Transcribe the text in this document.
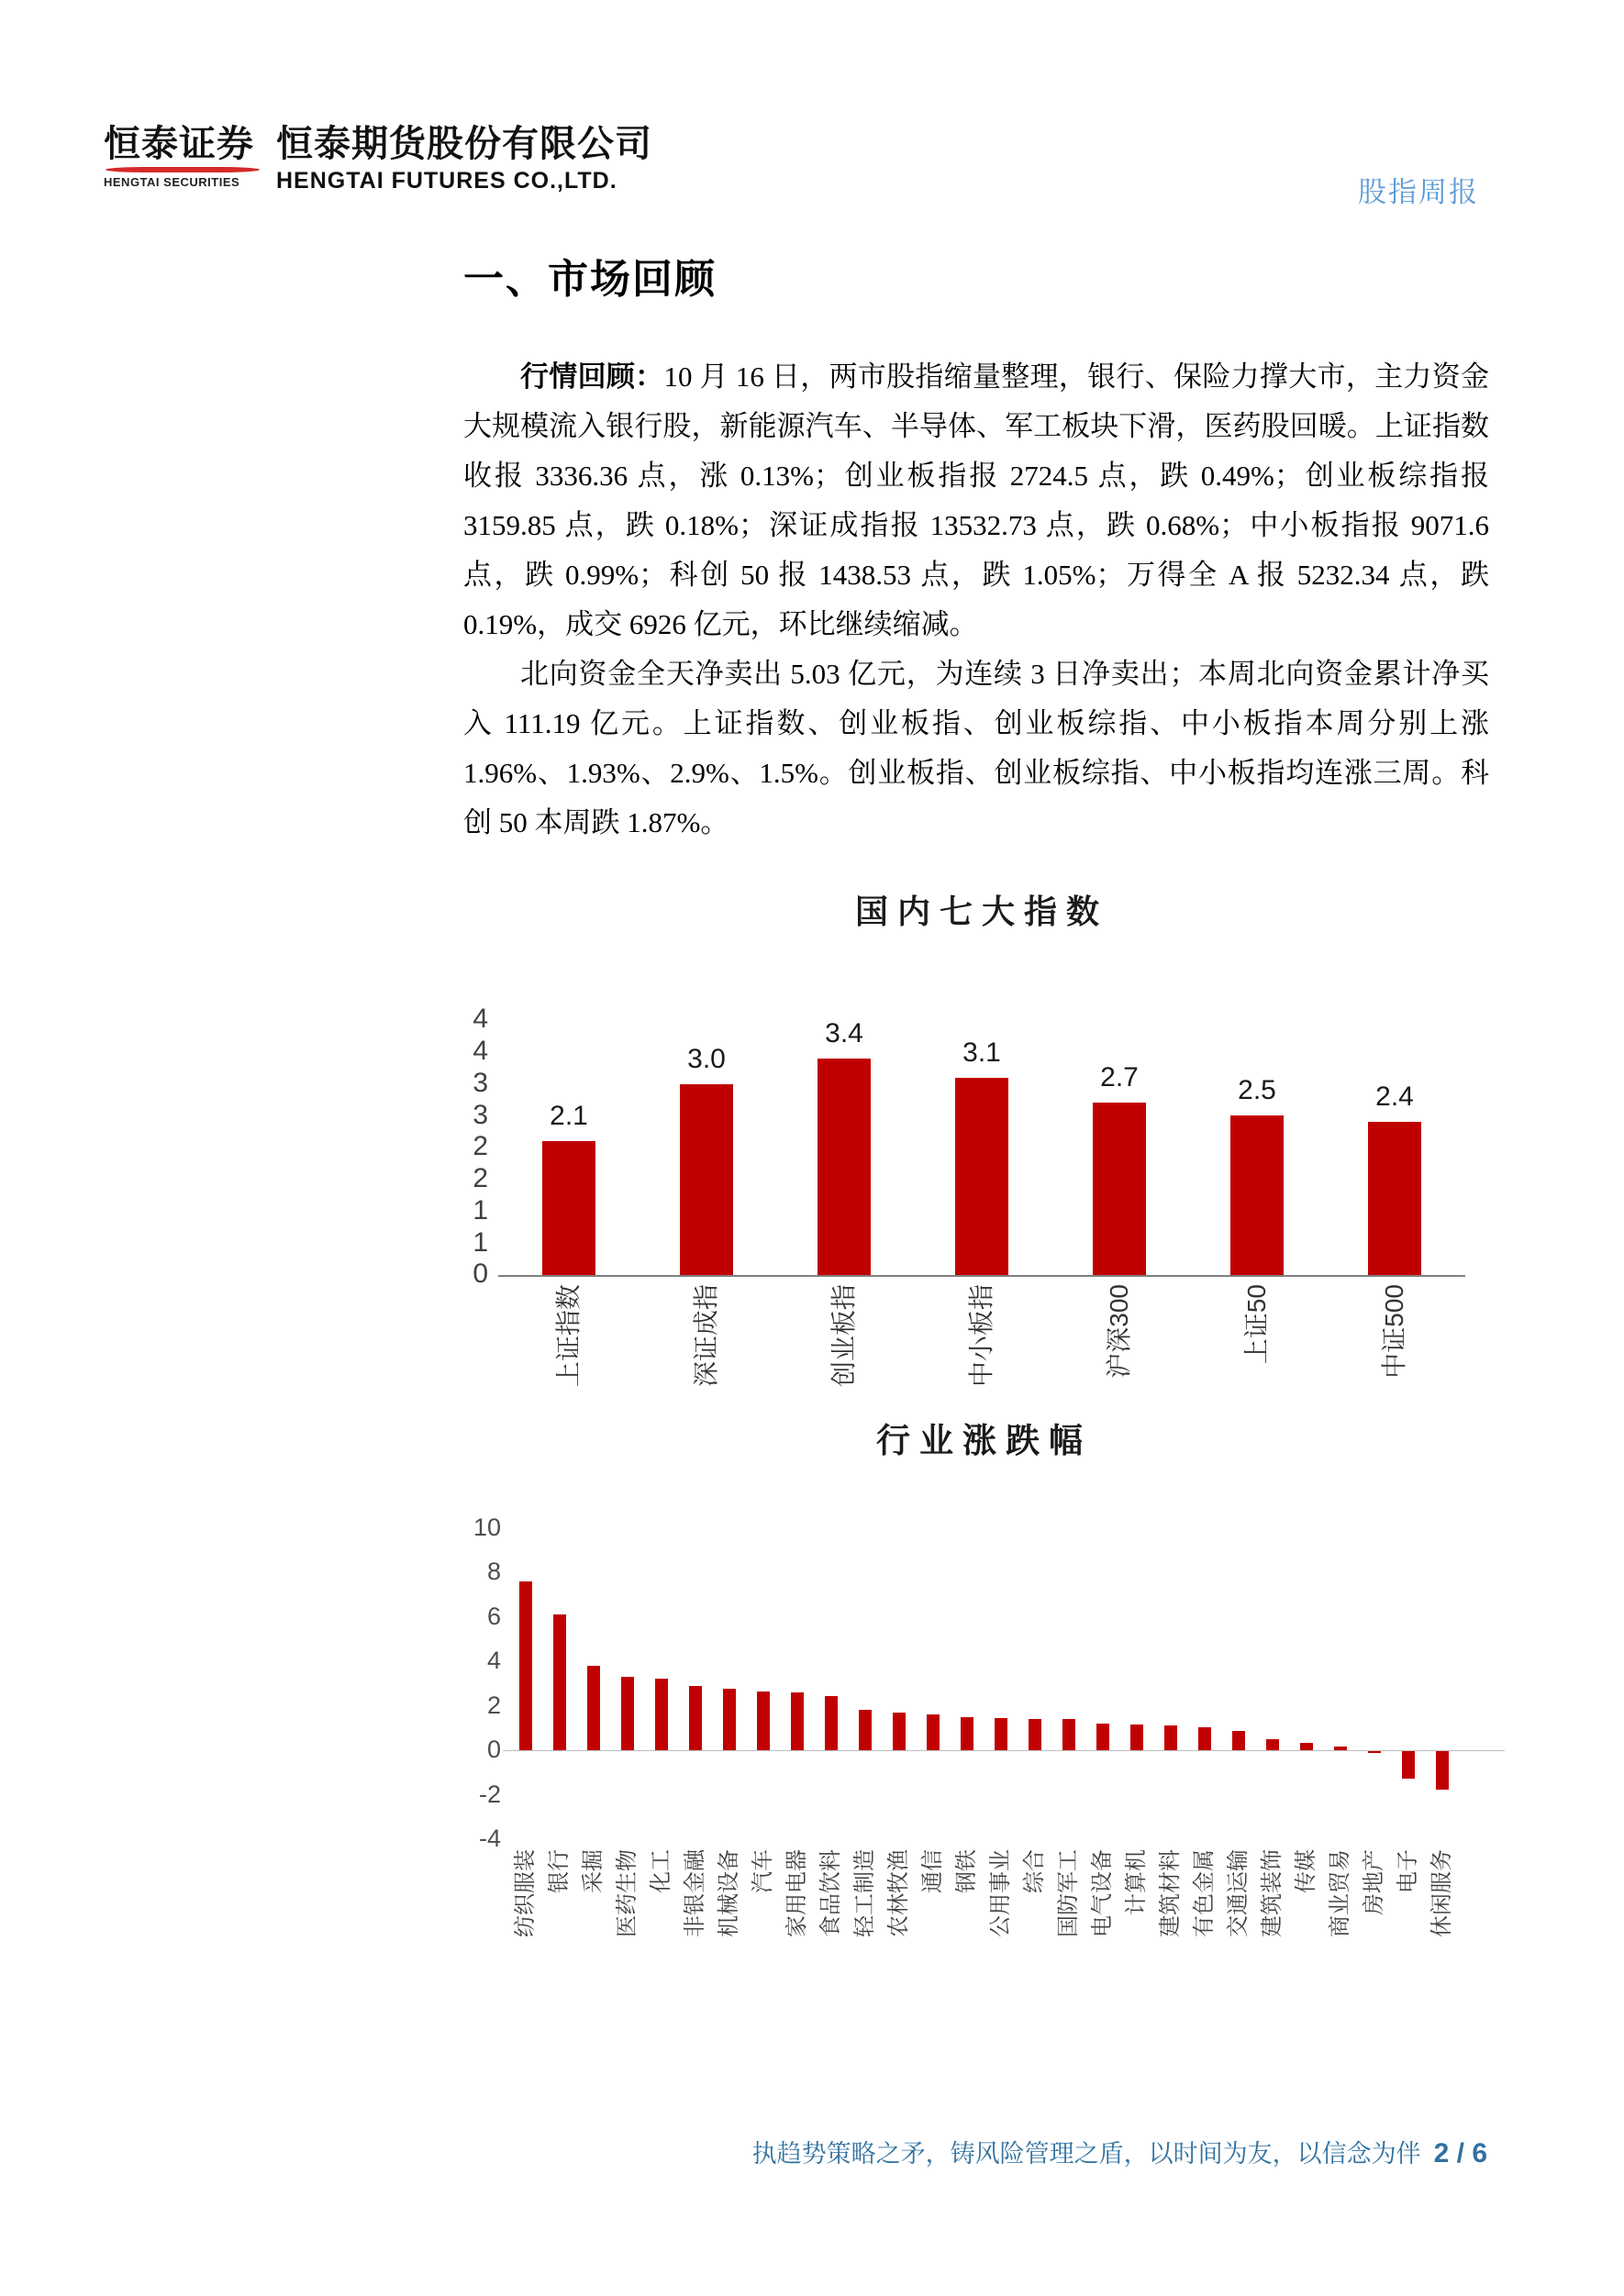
恒泰证券
HENGTAI SECURITIES
恒泰期货股份有限公司
HENGTAI FUTURES CO.,LTD.	股指周报
一、市场回顾

行情回顾：10 月 16 日，两市股指缩量整理，银行、保险力撑大市，主力资金大规模流入银行股，新能源汽车、半导体、军工板块下滑，医药股回暖。上证指数收报 3336.36 点，涨 0.13%；创业板指报 2724.5 点，跌 0.49%；创业板综指报 3159.85 点，跌 0.18%；深证成指报 13532.73 点，跌 0.68%；中小板指报 9071.6 点，跌 0.99%；科创 50 报 1438.53 点，跌 1.05%；万得全 A 报 5232.34 点，跌 0.19%，成交 6926 亿元，环比继续缩减。

北向资金全天净卖出 5.03 亿元，为连续 3 日净卖出；本周北向资金累计净买入 111.19 亿元。上证指数、创业板指、创业板综指、中小板指本周分别上涨 1.96%、1.93%、2.9%、1.5%。创业板指、创业板综指、中小板指均连涨三周。科创 50 本周跌 1.87%。

国内七大指数
4
4
3
3
2
2
1
1
0
2.1
上证指数
3.0
深证成指
3.4
创业板指
3.1
中小板指
2.7
沪深300
2.5
上证50
2.4
中证500
行业涨跌幅
10
8
6
4
2
0
-2
-4
纺织服装 银行 采掘 医药生物 化工 非银金融 机械设备 汽车 家用电器 食品饮料 轻工制造 农林牧渔 通信 钢铁 公用事业 综合 国防军工 电气设备 计算机 建筑材料 有色金属 交通运输 建筑装饰 传媒 商业贸易 房地产 电子 休闲服务
执趋势策略之矛，铸风险管理之盾，以时间为友，以信念为伴 2 / 6
